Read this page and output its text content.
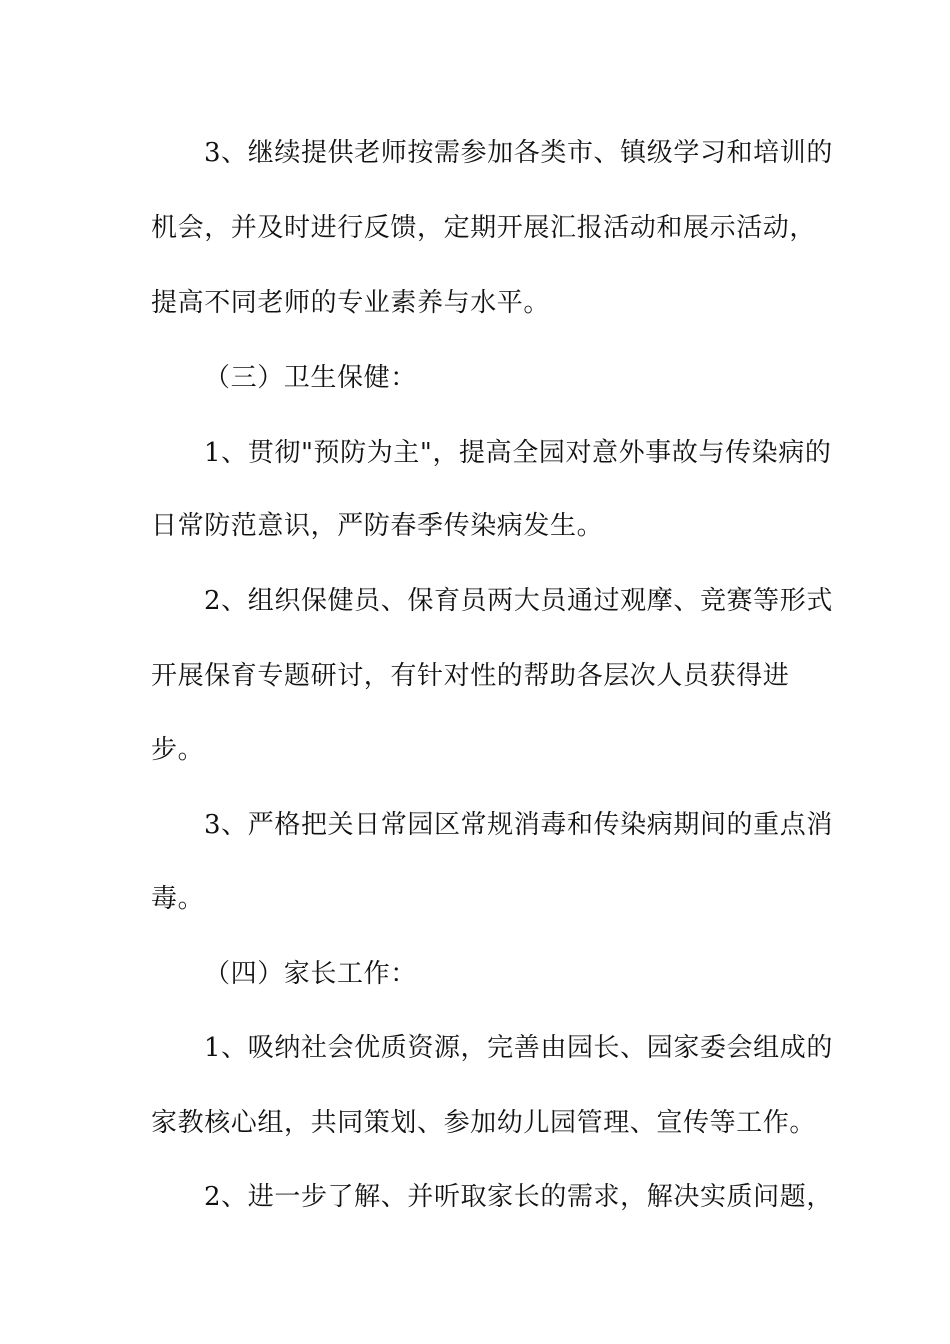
3、继续提供老师按需参加各类市、镇级学习和培训的
机会，并及时进行反馈，定期开展汇报活动和展示活动，
提高不同老师的专业素养与水平。
（三）卫生保健：
1、贯彻"预防为主"，提高全园对意外事故与传染病的
日常防范意识，严防春季传染病发生。
2、组织保健员、保育员两大员通过观摩、竞赛等形式
开展保育专题研讨，有针对性的帮助各层次人员获得进
步。
3、严格把关日常园区常规消毒和传染病期间的重点消
毒。
（四）家长工作：
1、吸纳社会优质资源，完善由园长、园家委会组成的
家教核心组，共同策划、参加幼儿园管理、宣传等工作。
2、进一步了解、并听取家长的需求，解决实质问题，
